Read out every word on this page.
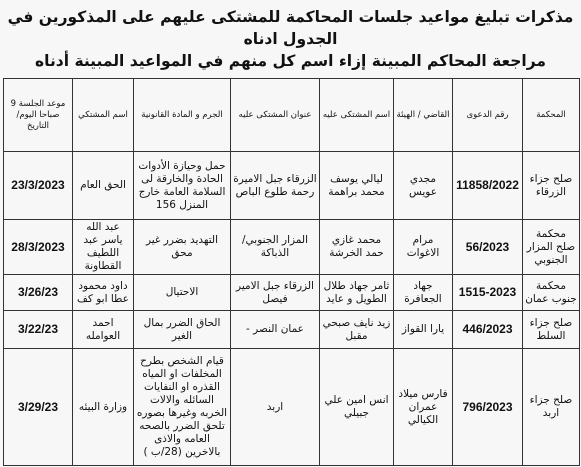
مذكرات تبليغ مواعيد جلسات المحاكمة للمشتكى عليهم على المذكورين في الجدول ادناه
مراجعة المحاكم المبينة إزاء اسم كل منهم في المواعيد المبينة أدناه
المحكمة	رقم الدعوى	القاضي / الهيئة	اسم المشتكى عليه	عنوان المشتكى عليه	الجرم و المادة القانونية	اسم المشتكي	موعد الجلسة 9 صباحا اليوم/التاريخ
صلح جزاء الزرقاء	11858/2022	مجدي عويس	ليالي يوسف محمد براهمة	الزرقاء جبل الاميرة رحمة طلوع الباص	حمل وحيازة الأدوات الحادة والخارقة لى السلامة العامة خارج المنزل 156	الحق العام	23/3/2023
محكمة صلح المزار الجنوبي	56/2023	مرام الاغوات	محمد غازي حمد الخرشة	المزار الجنوبي/الذباكة	التهديد بضرر غير محق	عبد الله ياسر عبد اللطيف القطاونة	28/3/2023
محكمة جنوب عمان	1515-2023	جهاد الجعافرة	ثامر جهاد طلال الطويل و عايد	الزرقاء جبل الامير فيصل	الاحتيال	داود محمود عطا ابو كف	3/26/23
صلح جزاء السلط	446/2023	يارا القواز	زيد نايف صبحي مقبل	عمان النصر -	الحاق الضرر بمال الغير	احمد العوامله	3/22/23
صلح جزاء اربد	796/2023	فارس ميلاد عمران الكيالي	انس امين علي جبيلي	اربد	قيام الشخص بطرح المخلفات او المياه القذره او النفايات السائله والالات الخربه وغيرها بصوره تلحق الضرر بالصحه العامه والاذى بالاخرين (28/ب )	وزارة البيئه	3/29/23
